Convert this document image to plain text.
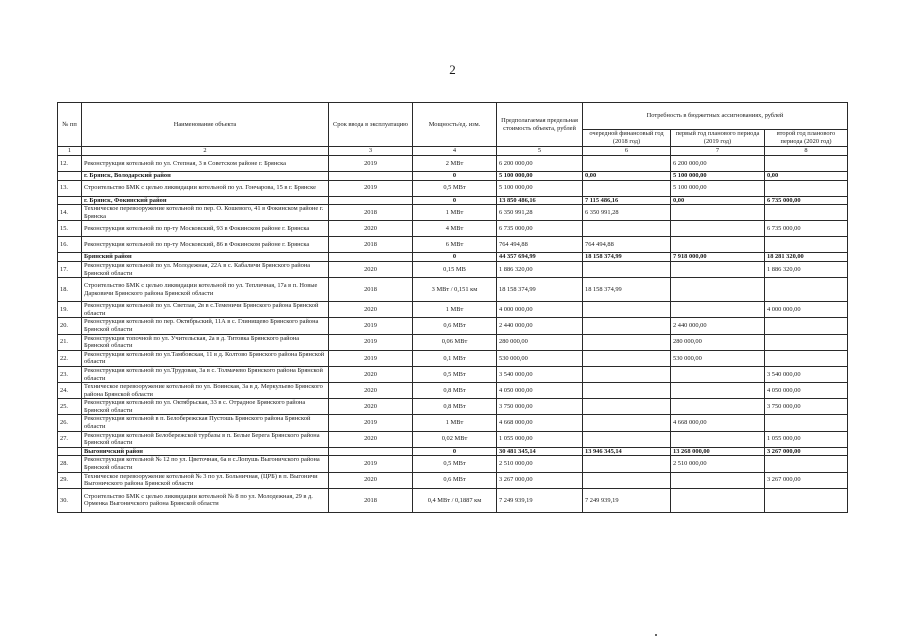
2
№ пп	Наименование объекта	Срок ввода в эксплуатацию	Мощность/ед. изм.	Предполагаемая предельная стоимость объекта, рублей	Потребность в бюджетных ассигнованиях, рублей		
					очередной финансовый год (2018 год)	первый год планового периода (2019 год)	второй год планового периода (2020 год)
1	2	3	4	5	6	7	8
12.	Реконструкция котельной по ул. Степная, 3 в Советском районе г. Брянска	2019	2 МВт	6 200 000,00		6 200 000,00	
	г. Брянск, Володарский район		0	5 100 000,00	0,00	5 100 000,00	0,00
13.	Строительство БМК с целью ликвидации котельной по ул. Гончарова, 15 в г. Брянске	2019	0,5 МВт	5 100 000,00		5 100 000,00	
	г. Брянск, Фокинский район		0	13 850 486,16	7 115 486,16	0,00	6 735 000,00
14.	Техническое перевооружение котельной по пер. О. Кошевого, 41 в Фокинском районе г. Брянска	2018	1 МВт	6 350 991,28	6 350 991,28		
15.	Реконструкция котельной по пр-ту Московский, 93 в Фокинском районе г. Брянска	2020	4 МВт	6 735 000,00			6 735 000,00
16.	Реконструкция котельной по пр-ту Московский, 86 в Фокинском районе г. Брянска	2018	6 МВт	764 494,88	764 494,88		
	Брянский район		0	44 357 694,99	18 158 374,99	7 918 000,00	18 281 320,00
17.	Реконструкция котельной по ул. Молодежная, 22А в с. Кабаличи Брянского района Брянской области	2020	0,15 МВ	1 886 320,00			1 886 320,00
18.	Строительство БМК с целью ликвидации котельной по ул. Тепличная, 17а в п. Новые Дарковичи Брянского района Брянской области	2018	3 МВт / 0,151 км	18 158 374,99	18 158 374,99		
19.	Реконструкция котельной по ул. Светлая, 2в в с.Теменичи Брянского района Брянской области	2020	1 МВт	4 000 000,00			4 000 000,00
20.	Реконструкция котельной по пер. Октябрьский, 11А в с. Глинищево Брянского района Брянской области	2019	0,6 МВт	2 440 000,00		2 440 000,00	
21.	Реконструкция топочной по ул. Учительская, 2а в д. Титовка Брянского района Брянской области	2019	0,06 МВт	280 000,00		280 000,00	
22.	Реконструкция котельной по ул.Тамбовская, 11 в д. Колтово Брянского района Брянской области	2019	0,1 МВт	530 000,00		530 000,00	
23.	Реконструкция котельной по ул.Трудовая, 3а в с. Толмачево Брянского района Брянской области	2020	0,5 МВт	3 540 000,00			3 540 000,00
24.	Техническое перевооружение котельной по ул. Воинская, 3а в д. Меркульево Брянского района Брянской области	2020	0,8 МВт	4 050 000,00			4 050 000,00
25.	Реконструкция котельной по ул. Октябрьская, 33 в с. Отрадное Брянского района Брянской области	2020	0,8 МВт	3 750 000,00			3 750 000,00
26.	Реконструкция котельной в п. Белобережская Пустошь Брянского района Брянской области	2019	1 МВт	4 668 000,00		4 668 000,00	
27.	Реконструкция котельной Белобережской турбазы в п. Белые Берега Брянского района Брянской области	2020	0,02 МВт	1 055 000,00			1 055 000,00
	Выгоничский район		0	30 481 345,14	13 946 345,14	13 268 000,00	3 267 000,00
28.	Реконструкция котельной № 12 по ул. Цветочная, 6а в с.Лопушь Выгоничского района Брянской области	2019	0,5 МВт	2 510 000,00		2 510 000,00	
29.	Техническое перевооружение котельной № 3 по ул. Больничная, (ЦРБ) в п. Выгоничи Выгоничского района Брянской области	2020	0,6 МВт	3 267 000,00			3 267 000,00
30.	Строительство БМК с целью ликвидации котельной № 8 по ул. Молодежная, 29 в д. Орменка Выгоничского района Брянской области	2018	0,4 МВт / 0,1887 км	7 249 939,19	7 249 939,19		
